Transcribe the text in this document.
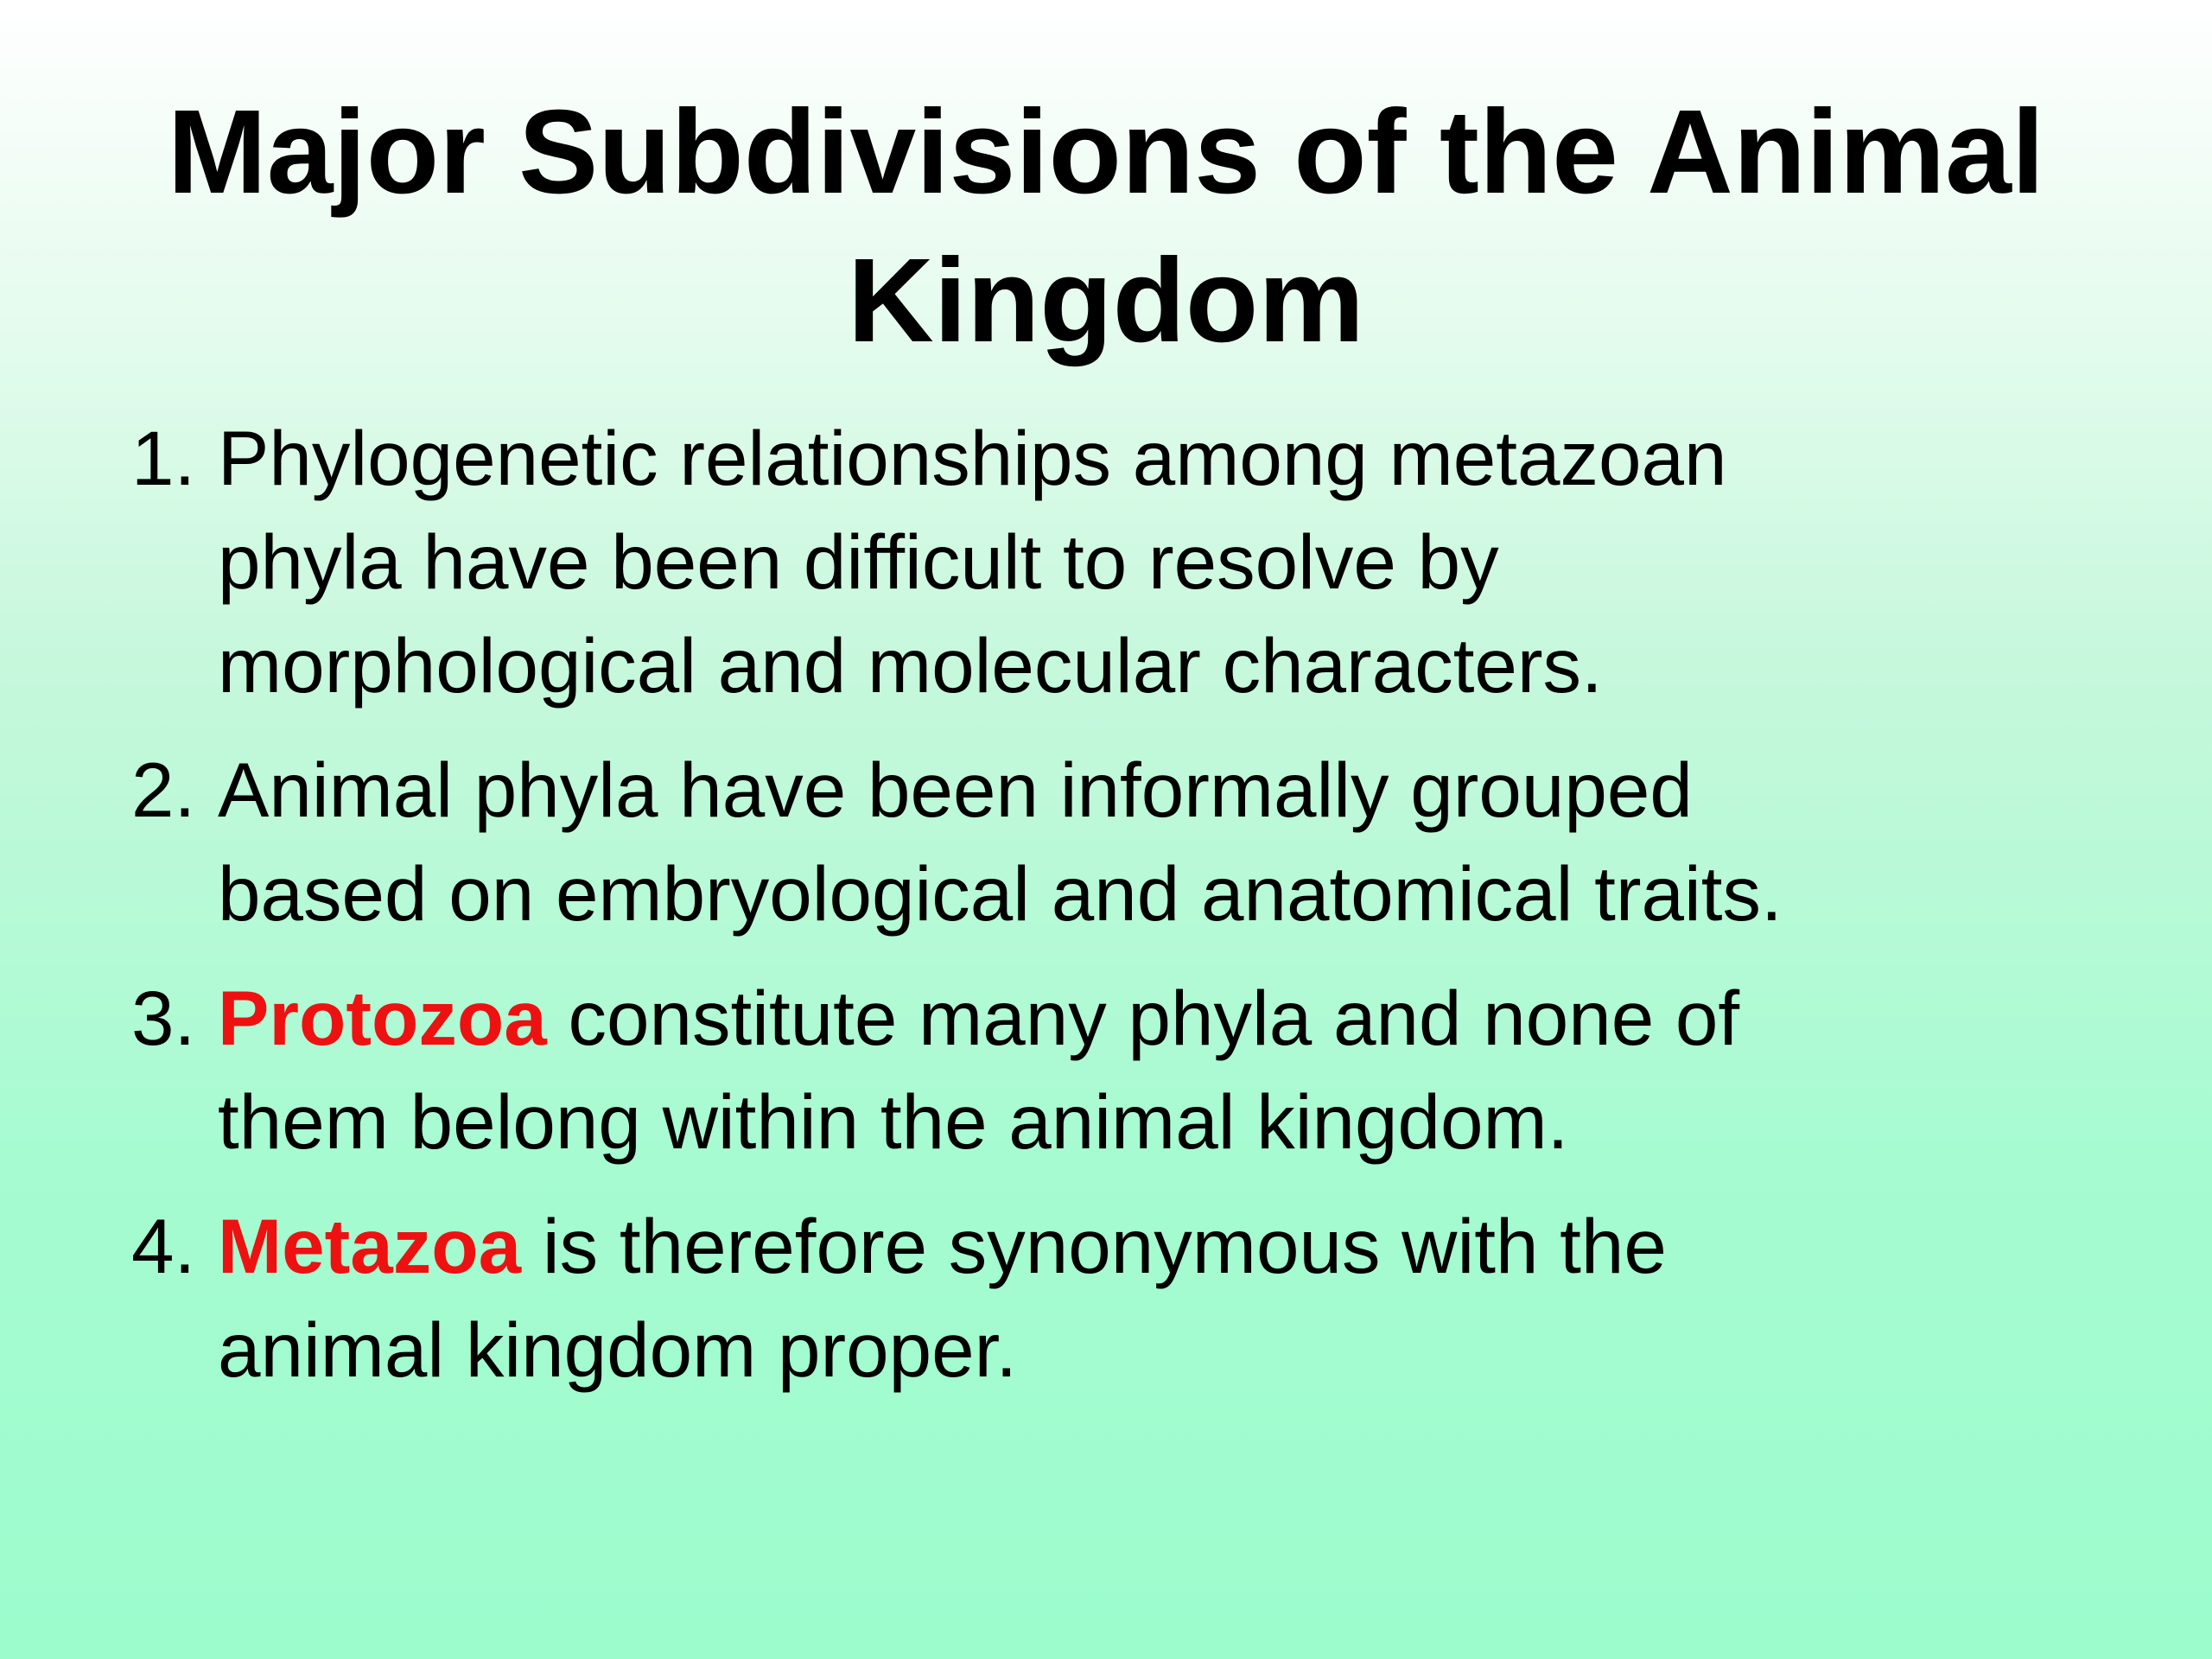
Major Subdivisions of the Animal
Kingdom
1. Phylogenetic relationships among metazoan
phyla have been difficult to resolve by
morphological and molecular characters.
2. Animal phyla have been informally grouped
based on embryological and anatomical traits.
3. Protozoa constitute many phyla and none of
them belong within the animal kingdom.
4. Metazoa is therefore synonymous with the
animal kingdom proper.
